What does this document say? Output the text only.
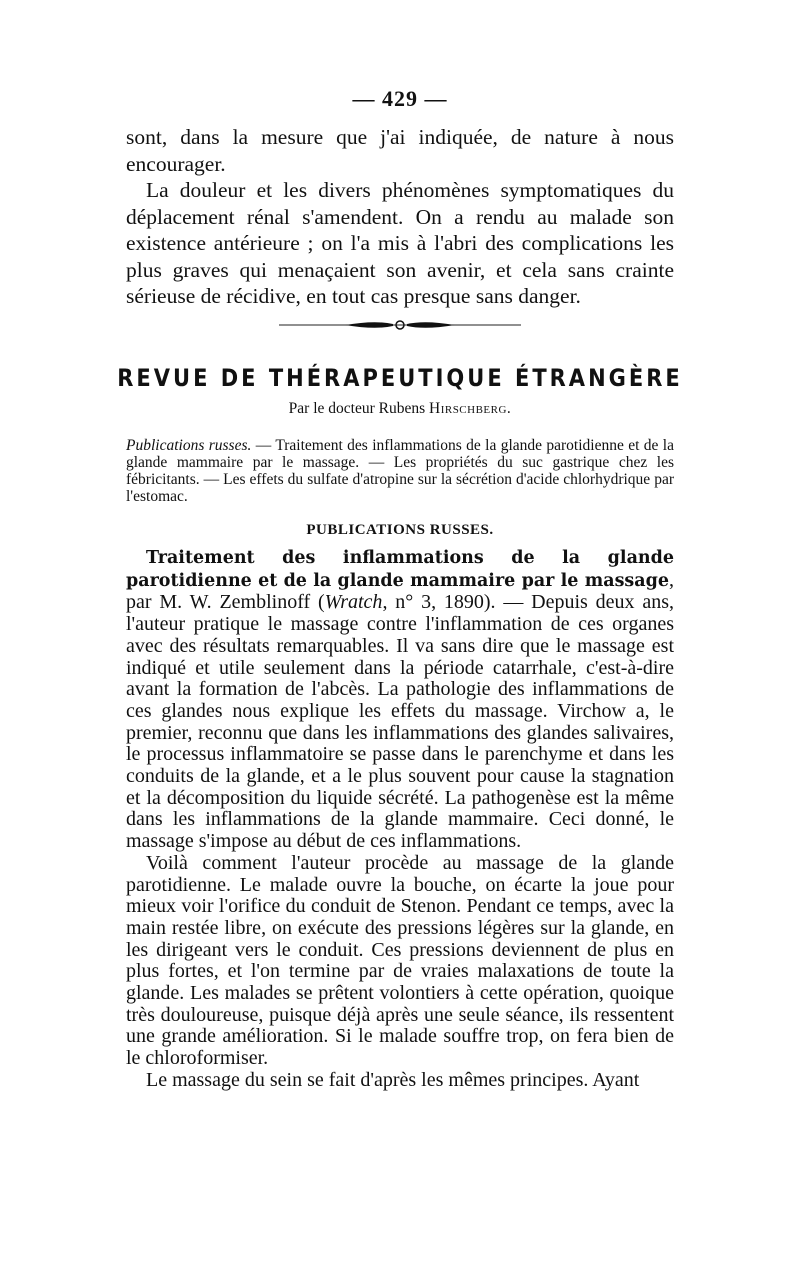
— 429 —

sont, dans la mesure que j'ai indiquée, de nature à nous encourager.

La douleur et les divers phénomènes symptomatiques du déplacement rénal s'amendent. On a rendu au malade son existence antérieure ; on l'a mis à l'abri des complications les plus graves qui menaçaient son avenir, et cela sans crainte sérieuse de récidive, en tout cas presque sans danger.

REVUE DE THÉRAPEUTIQUE ÉTRANGÈRE
Par le docteur Rubens Hirschberg.
Publications russes. — Traitement des inflammations de la glande parotidienne et de la glande mammaire par le massage. — Les propriétés du suc gastrique chez les fébricitants. — Les effets du sulfate d'atropine sur la sécrétion d'acide chlorhydrique par l'estomac.
PUBLICATIONS RUSSES.

Traitement des inflammations de la glande parotidienne et de la glande mammaire par le massage, par M. W. Zemblinoff (Wratch, n° 3, 1890). — Depuis deux ans, l'auteur pratique le massage contre l'inflammation de ces organes avec des résultats remarquables. Il va sans dire que le massage est indiqué et utile seulement dans la période catarrhale, c'est-à-dire avant la formation de l'abcès. La pathologie des inflammations de ces glandes nous explique les effets du massage. Virchow a, le premier, reconnu que dans les inflammations des glandes salivaires, le processus inflammatoire se passe dans le parenchyme et dans les conduits de la glande, et a le plus souvent pour cause la stagnation et la décomposition du liquide sécrété. La pathogenèse est la même dans les inflammations de la glande mammaire. Ceci donné, le massage s'impose au début de ces inflammations.

Voilà comment l'auteur procède au massage de la glande parotidienne. Le malade ouvre la bouche, on écarte la joue pour mieux voir l'orifice du conduit de Stenon. Pendant ce temps, avec la main restée libre, on exécute des pressions légères sur la glande, en les dirigeant vers le conduit. Ces pressions deviennent de plus en plus fortes, et l'on termine par de vraies malaxations de toute la glande. Les malades se prêtent volontiers à cette opération, quoique très douloureuse, puisque déjà après une seule séance, ils ressentent une grande amélioration. Si le malade souffre trop, on fera bien de le chloroformiser.

Le massage du sein se fait d'après les mêmes principes. Ayant
